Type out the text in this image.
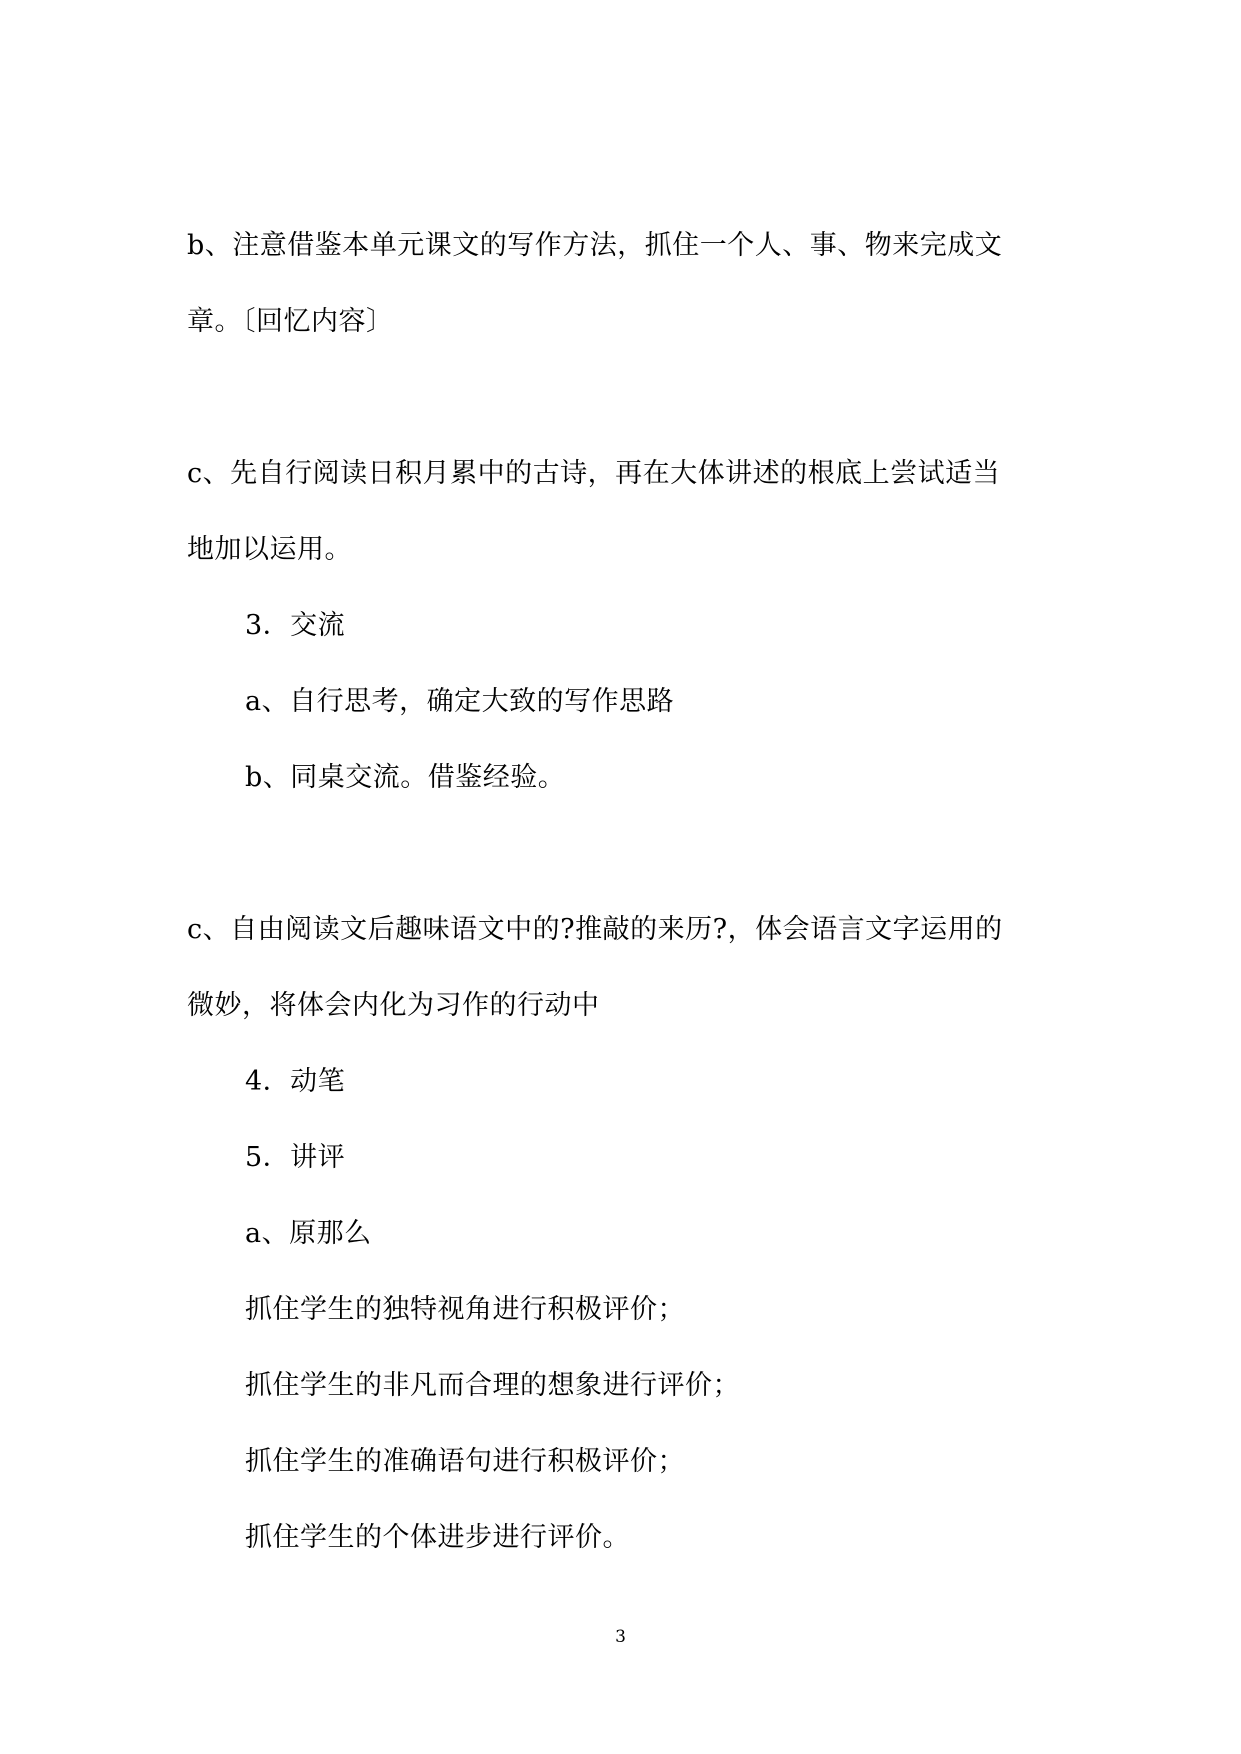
b、注意借鉴本单元课文的写作方法，抓住一个人、事、物来完成文
章。〔回忆内容〕
c、先自行阅读日积月累中的古诗，再在大体讲述的根底上尝试适当
地加以运用。
3．交流
a、自行思考，确定大致的写作思路
b、同桌交流。借鉴经验。
c、自由阅读文后趣味语文中的?推敲的来历?，体会语言文字运用的
微妙，将体会内化为习作的行动中
4．动笔
5．讲评
a、原那么
抓住学生的独特视角进行积极评价；
抓住学生的非凡而合理的想象进行评价；
抓住学生的准确语句进行积极评价；
抓住学生的个体进步进行评价。
3
